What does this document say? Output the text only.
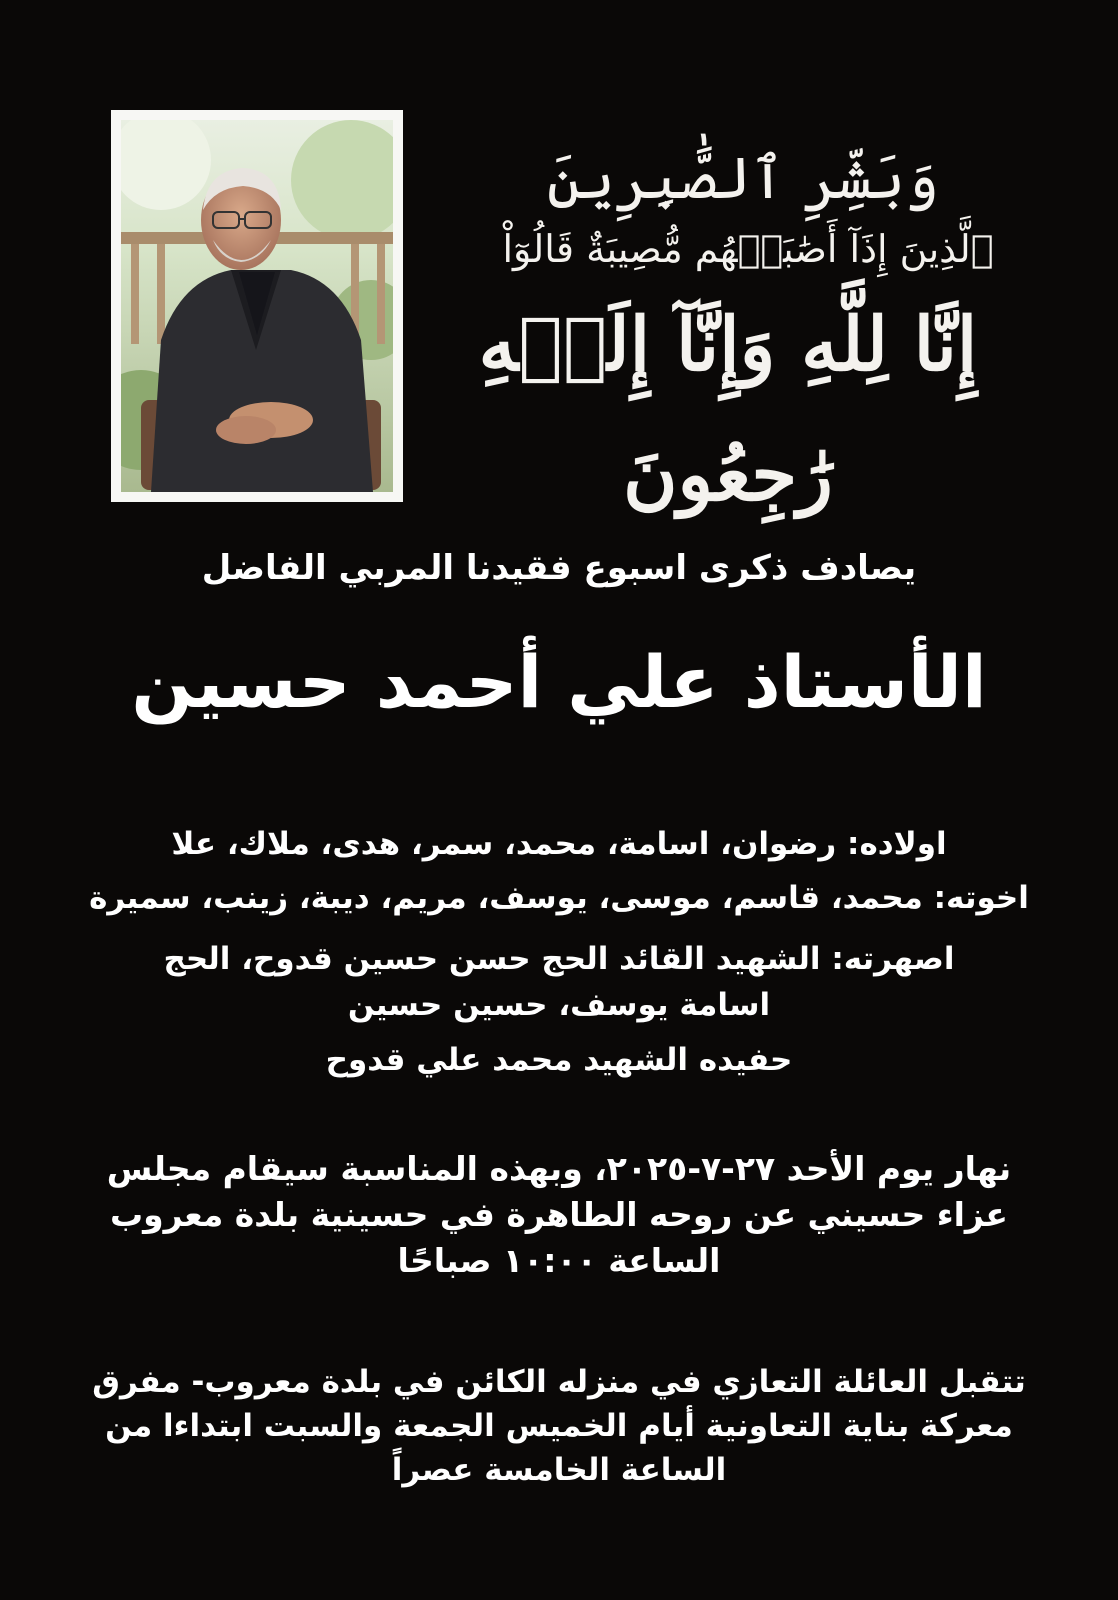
وَبَشِّرِ ٱلصَّٰبِرِينَ
ٱلَّذِينَ إِذَآ أَصَٰبَتۡهُم مُّصِيبَةٌ قَالُوٓاْ
إِنَّا لِلَّهِ وَإِنَّآ إِلَيۡهِ رَٰجِعُونَ
يصادف ذكرى اسبوع فقيدنا المربي الفاضل
الأستاذ علي أحمد حسين
اولاده: رضوان، اسامة، محمد، سمر، هدى، ملاك، علا
اخوته: محمد، قاسم، موسى، يوسف، مريم، ديبة، زينب، سميرة
اصهرته: الشهيد القائد الحج حسن حسين قدوح، الحج اسامة يوسف، حسين حسين
حفيده الشهيد محمد علي قدوح
نهار يوم الأحد ٢٧-٧-٢٠٢٥، وبهذه المناسبة سيقام مجلس عزاء حسيني عن روحه الطاهرة في حسينية بلدة معروب الساعة ١٠:٠٠ صباحًا
تتقبل العائلة التعازي في منزله الكائن في بلدة معروب- مفرق معركة بناية التعاونية أيام الخميس الجمعة والسبت ابتداءا من الساعة الخامسة عصراً
